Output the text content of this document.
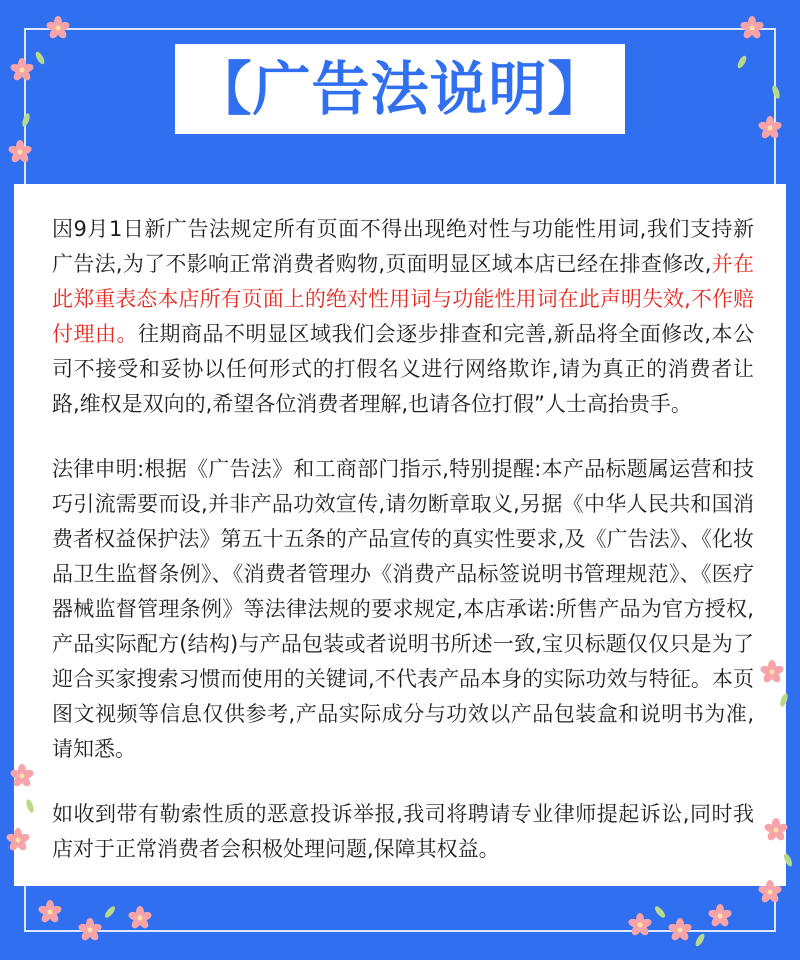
【广告法说明】

因9月1日新广告法规定所有页面不得出现绝对性与功能性用词,我们支持新广告法,为了不影响正常消费者购物,页面明显区域本店已经在排查修改,并在此郑重表态本店所有页面上的绝对性用词与功能性用词在此声明失效,不作赔付理由。往期商品不明显区域我们会逐步排查和完善,新品将全面修改,本公司不接受和妥协以任何形式的打假名义进行网络欺诈,请为真正的消费者让路,维权是双向的,希望各位消费者理解,也请各位打假”人士高抬贵手。

法律申明:根据《广告法》和工商部门指示,特别提醒:本产品标题属运营和技巧引流需要而设,并非产品功效宣传,请勿断章取义,另据《中华人民共和国消费者权益保护法》第五十五条的产品宣传的真实性要求,及《广告法》、《化妆品卫生监督条例》、《消费者管理办《消费产品标签说明书管理规范》、《医疗器械监督管理条例》等法律法规的要求规定,本店承诺:所售产品为官方授权,产品实际配方(结构)与产品包装或者说明书所述一致,宝贝标题仅仅只是为了迎合买家搜索习惯而使用的关键词,不代表产品本身的实际功效与特征。本页图文视频等信息仅供参考,产品实际成分与功效以产品包装盒和说明书为准,请知悉。

如收到带有勒索性质的恶意投诉举报,我司将聘请专业律师提起诉讼,同时我店对于正常消费者会积极处理问题,保障其权益。
